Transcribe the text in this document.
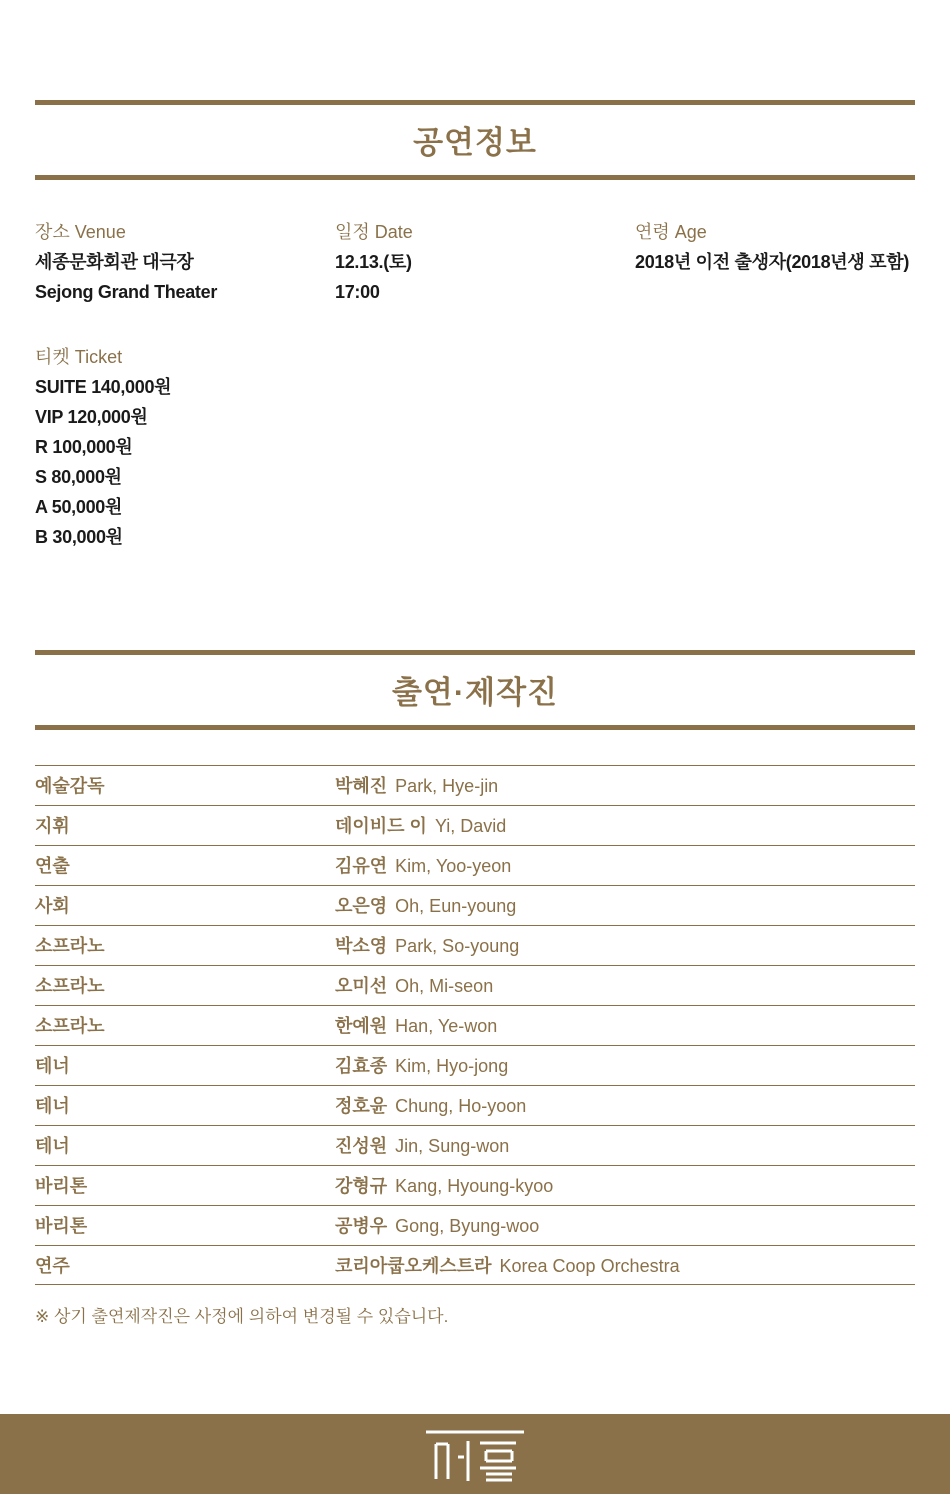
공연정보
장소 Venue
세종문화회관 대극장
Sejong Grand Theater
일정 Date
12.13.(토)
17:00
연령 Age
2018년 이전 출생자(2018년생 포함)
티켓 Ticket
SUITE 140,000원
VIP 120,000원
R 100,000원
S 80,000원
A 50,000원
B 30,000원
출연·제작진
예술감독	박혜진 Park, Hye-jin
지휘	데이비드 이 Yi, David
연출	김유연 Kim, Yoo-yeon
사회	오은영 Oh, Eun-young
소프라노	박소영 Park, So-young
소프라노	오미선 Oh, Mi-seon
소프라노	한예원 Han, Ye-won
테너	김효종 Kim, Hyo-jong
테너	정호윤 Chung, Ho-yoon
테너	진성원 Jin, Sung-won
바리톤	강형규 Kang, Hyoung-kyoo
바리톤	공병우 Gong, Byung-woo
연주	코리아쿱오케스트라 Korea Coop Orchestra
※ 상기 출연제작진은 사정에 의하여 변경될 수 있습니다.
